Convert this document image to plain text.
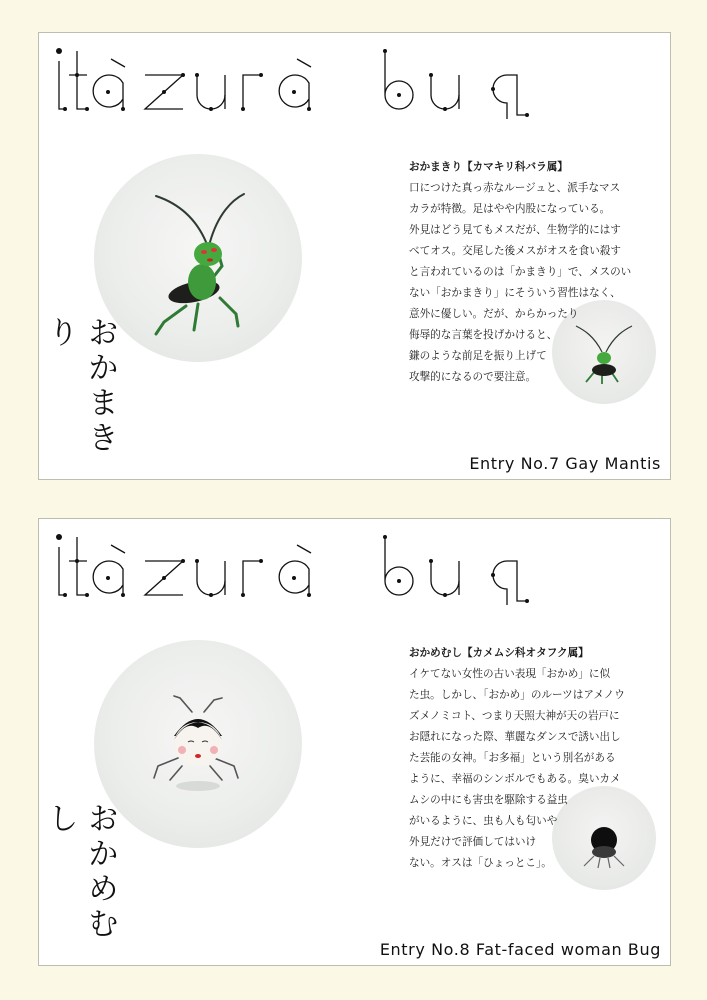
おかまきり
おかまきり【カマキリ科バラ属】
口につけた真っ赤なルージュと、派手なマス
カラが特徴。足はやや内股になっている。
外見はどう見てもメスだが、生物学的にはす
べてオス。交尾した後メスがオスを食い殺す
と言われているのは「かまきり」で、メスのい
ない「おかまきり」にそういう習性はなく、
意外に優しい。だが、からかったり
侮辱的な言葉を投げかけると、
鎌のような前足を振り上げて
攻撃的になるので要注意。
Entry No.7 Gay Mantis
おかめむし
おかめむし【カメムシ科オタフク属】
イケてない女性の古い表現「おかめ」に似
た虫。しかし、「おかめ」のルーツはアメノウ
ズメノミコト、つまり天照大神が天の岩戸に
お隠れになった際、華麗なダンスで誘い出し
た芸能の女神。「お多福」という別名がある
ように、幸福のシンボルでもある。臭いカメ
ムシの中にも害虫を駆除する益虫
がいるように、虫も人も匂いや
外見だけで評価してはいけ
ない。オスは「ひょっとこ」。
Entry No.8 Fat-faced woman Bug
